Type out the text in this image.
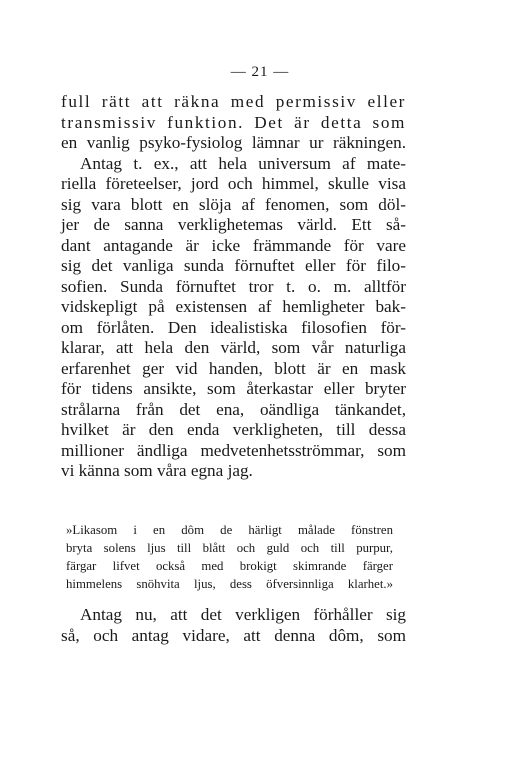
— 21 —
full rätt att räkna med permissiv eller
transmissiv funktion. Det är detta som
en vanlig psyko-fysiolog lämnar ur räkningen.
Antag t. ex., att hela universum af mate-
riella företeelser, jord och himmel, skulle visa
sig vara blott en slöja af fenomen, som döl-
jer de sanna verklighetemas värld. Ett så-
dant antagande är icke främmande för vare
sig det vanliga sunda förnuftet eller för filo-
sofien. Sunda förnuftet tror t. o. m. alltför
vidskepligt på existensen af hemligheter bak-
om förlåten. Den idealistiska filosofien för-
klarar, att hela den värld, som vår naturliga
erfarenhet ger vid handen, blott är en mask
för tidens ansikte, som återkastar eller bryter
strålarna från det ena, oändliga tänkandet,
hvilket är den enda verkligheten, till dessa
millioner ändliga medvetenhetsströmmar, som
vi känna som våra egna jag.
»Likasom i en dôm de härligt målade fönstren
bryta solens ljus till blått och guld och till purpur,
färgar lifvet också med brokigt skimrande färger
himmelens snöhvita ljus, dess öfversinnliga klarhet.»
Antag nu, att det verkligen förhåller sig
så, och antag vidare, att denna dôm, som
